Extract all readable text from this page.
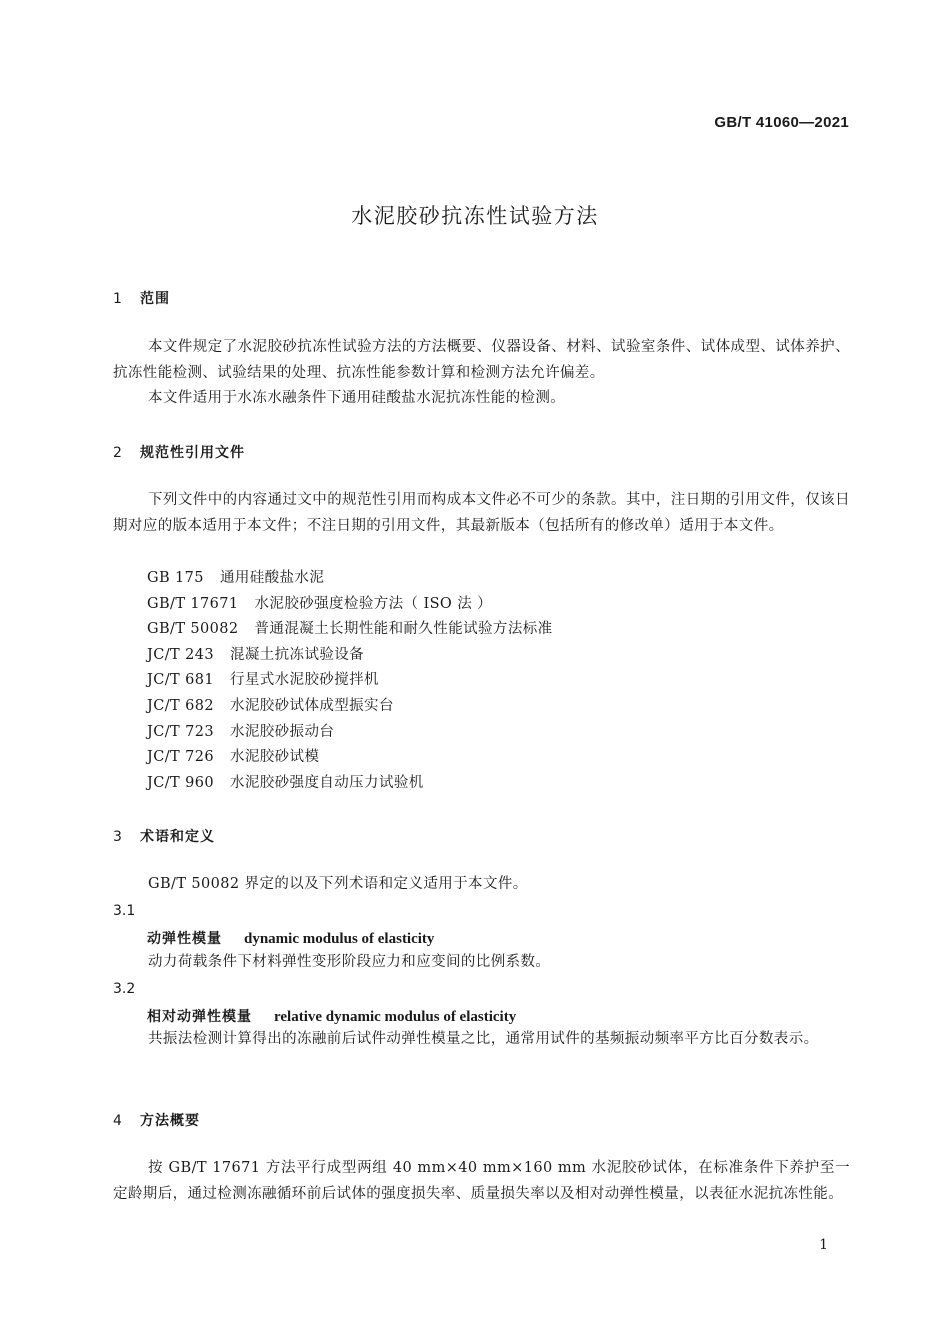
GB/T 41060—2021
水泥胶砂抗冻性试验方法
1 范围
本文件规定了水泥胶砂抗冻性试验方法的方法概要、仪器设备、材料、试验室条件、试体成型、试体养护、抗冻性能检测、试验结果的处理、抗冻性能参数计算和检测方法允许偏差。
本文件适用于水冻水融条件下通用硅酸盐水泥抗冻性能的检测。
2 规范性引用文件
下列文件中的内容通过文中的规范性引用而构成本文件必不可少的条款。其中，注日期的引用文件，仅该日期对应的版本适用于本文件；不注日期的引用文件，其最新版本（包括所有的修改单）适用于本文件。
GB 175 通用硅酸盐水泥
GB/T 17671 水泥胶砂强度检验方法（ ISO 法 ）
GB/T 50082 普通混凝土长期性能和耐久性能试验方法标准
JC/T 243 混凝土抗冻试验设备
JC/T 681 行星式水泥胶砂搅拌机
JC/T 682 水泥胶砂试体成型振实台
JC/T 723 水泥胶砂振动台
JC/T 726 水泥胶砂试模
JC/T 960 水泥胶砂强度自动压力试验机
3 术语和定义
GB/T 50082 界定的以及下列术语和定义适用于本文件。
3.1
动弹性模量 dynamic modulus of elasticity
动力荷载条件下材料弹性变形阶段应力和应变间的比例系数。
3.2
相对动弹性模量 relative dynamic modulus of elasticity
共振法检测计算得出的冻融前后试件动弹性模量之比，通常用试件的基频振动频率平方比百分数表示。
4 方法概要
按 GB/T 17671 方法平行成型两组 40 mm×40 mm×160 mm 水泥胶砂试体，在标准条件下养护至一定龄期后，通过检测冻融循环前后试体的强度损失率、质量损失率以及相对动弹性模量，以表征水泥抗冻性能。
1
